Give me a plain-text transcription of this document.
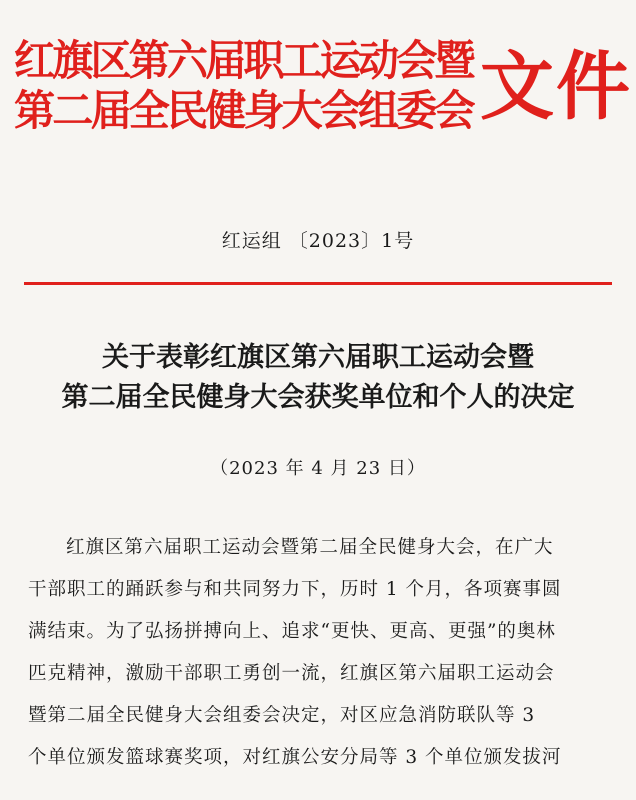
红旗区第六届职工运动会暨
第二届全民健身大会组委会 文件
红运组 〔2023〕1号
关于表彰红旗区第六届职工运动会暨
第二届全民健身大会获奖单位和个人的决定
（2023 年 4 月 23 日）
红旗区第六届职工运动会暨第二届全民健身大会，在广大
干部职工的踊跃参与和共同努力下，历时 1 个月，各项赛事圆
满结束。为了弘扬拼搏向上、追求“更快、更高、更强”的奥林
匹克精神，激励干部职工勇创一流，红旗区第六届职工运动会
暨第二届全民健身大会组委会决定，对区应急消防联队等 3
个单位颁发篮球赛奖项，对红旗公安分局等 3 个单位颁发拔河
